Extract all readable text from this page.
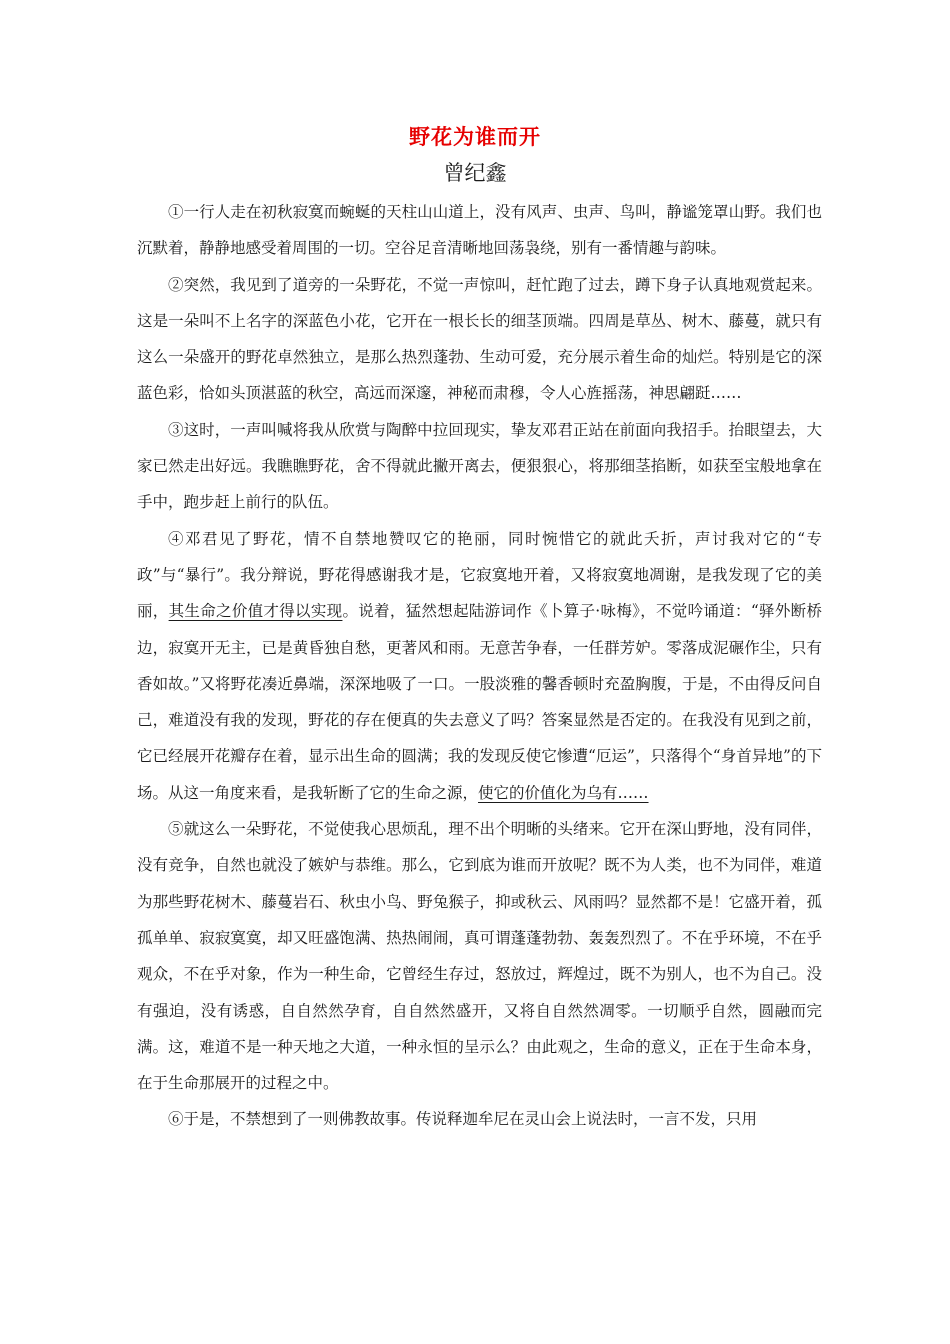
野花为谁而开
曾纪鑫

①一行人走在初秋寂寞而蜿蜒的天柱山山道上，没有风声、虫声、鸟叫，静谧笼罩山野。我们也沉默着，静静地感受着周围的一切。空谷足音清晰地回荡袅绕，别有一番情趣与韵味。

②突然，我见到了道旁的一朵野花，不觉一声惊叫，赶忙跑了过去，蹲下身子认真地观赏起来。这是一朵叫不上名字的深蓝色小花，它开在一根长长的细茎顶端。四周是草丛、树木、藤蔓，就只有这么一朵盛开的野花卓然独立，是那么热烈蓬勃、生动可爱，充分展示着生命的灿烂。特别是它的深蓝色彩，恰如头顶湛蓝的秋空，高远而深邃，神秘而肃穆，令人心旌摇荡，神思翩跹……

③这时，一声叫喊将我从欣赏与陶醉中拉回现实，挚友邓君正站在前面向我招手。抬眼望去，大家已然走出好远。我瞧瞧野花，舍不得就此撇开离去，便狠狠心，将那细茎掐断，如获至宝般地拿在手中，跑步赶上前行的队伍。

④邓君见了野花，情不自禁地赞叹它的艳丽，同时惋惜它的就此夭折，声讨我对它的“专政”与“暴行”。我分辩说，野花得感谢我才是，它寂寞地开着，又将寂寞地凋谢，是我发现了它的美丽，其生命之价值才得以实现。说着，猛然想起陆游词作《卜算子·咏梅》，不觉吟诵道：“驿外断桥边，寂寞开无主，已是黄昏独自愁，更著风和雨。无意苦争春，一任群芳妒。零落成泥碾作尘，只有香如故。”又将野花凑近鼻端，深深地吸了一口。一股淡雅的馨香顿时充盈胸腹，于是，不由得反问自己，难道没有我的发现，野花的存在便真的失去意义了吗？答案显然是否定的。在我没有见到之前，它已经展开花瓣存在着，显示出生命的圆满；我的发现反使它惨遭“厄运”，只落得个“身首异地”的下场。从这一角度来看，是我斩断了它的生命之源，使它的价值化为乌有……

⑤就这么一朵野花，不觉使我心思烦乱，理不出个明晰的头绪来。它开在深山野地，没有同伴，没有竞争，自然也就没了嫉妒与恭维。那么，它到底为谁而开放呢？既不为人类，也不为同伴，难道为那些野花树木、藤蔓岩石、秋虫小鸟、野兔猴子，抑或秋云、风雨吗？显然都不是！它盛开着，孤孤单单、寂寂寞寞，却又旺盛饱满、热热闹闹，真可谓蓬蓬勃勃、轰轰烈烈了。不在乎环境，不在乎观众，不在乎对象，作为一种生命，它曾经生存过，怒放过，辉煌过，既不为别人，也不为自己。没有强迫，没有诱惑，自自然然孕育，自自然然盛开，又将自自然然凋零。一切顺乎自然，圆融而完满。这，难道不是一种天地之大道，一种永恒的呈示么？由此观之，生命的意义，正在于生命本身，在于生命那展开的过程之中。

⑥于是，不禁想到了一则佛教故事。传说释迦牟尼在灵山会上说法时，一言不发，只用
